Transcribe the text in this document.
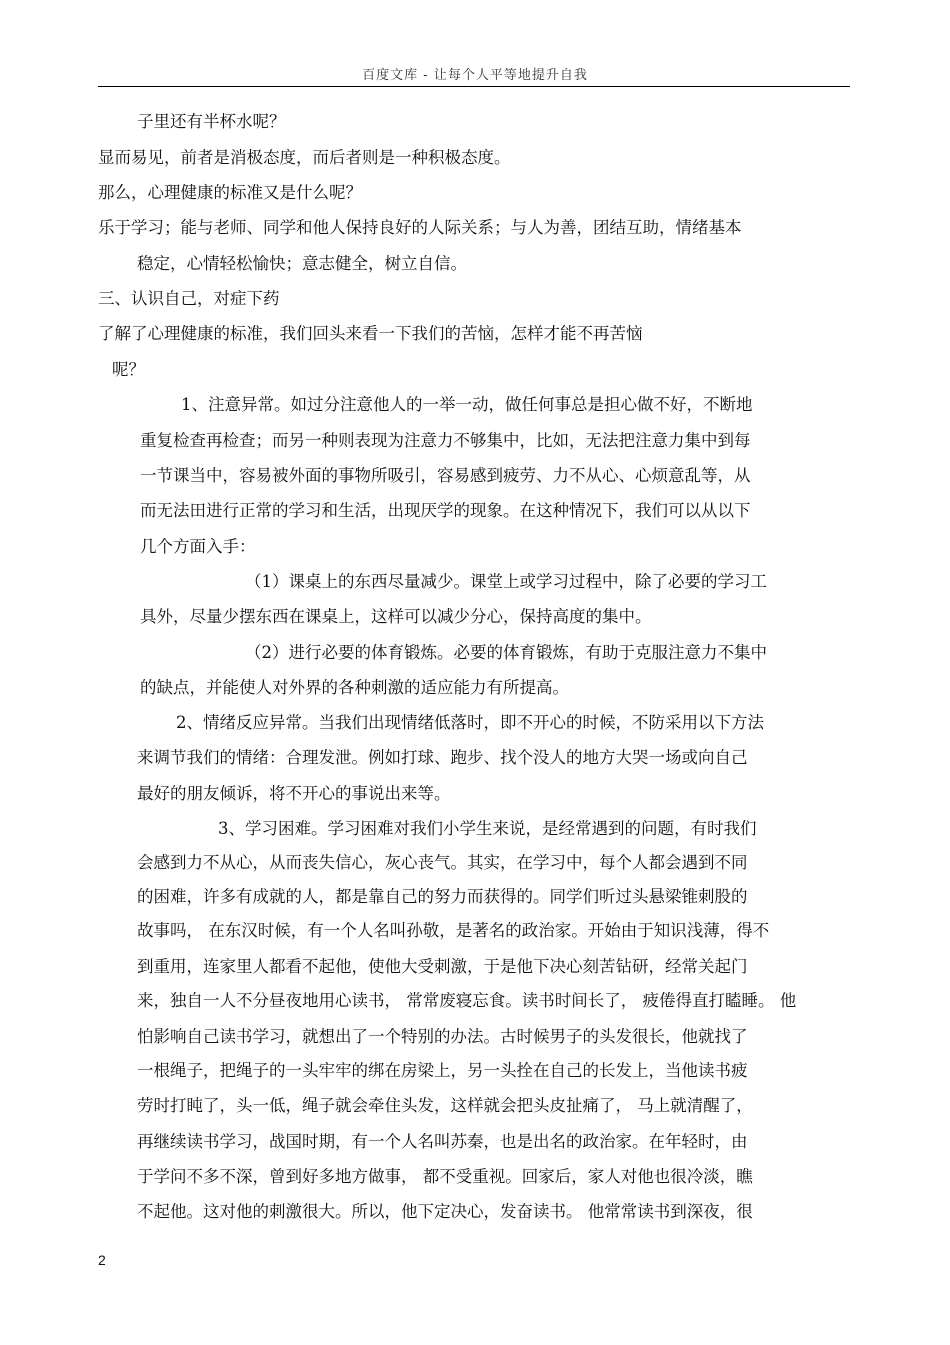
百度文库 - 让每个人平等地提升自我
子里还有半杯水呢？
显而易见，前者是消极态度，而后者则是一种积极态度。
那么，心理健康的标准又是什么呢？
乐于学习；能与老师、同学和他人保持良好的人际关系；与人为善，团结互助，情绪基本
稳定，心情轻松愉快；意志健全，树立自信。
三、认识自己，对症下药
了解了心理健康的标准，我们回头来看一下我们的苦恼，怎样才能不再苦恼
呢？
1、注意异常。如过分注意他人的一举一动，做任何事总是担心做不好，不断地
重复检查再检查；而另一种则表现为注意力不够集中，比如，无法把注意力集中到每
一节课当中，容易被外面的事物所吸引，容易感到疲劳、力不从心、心烦意乱等，从
而无法田进行正常的学习和生活，出现厌学的现象。在这种情况下，我们可以从以下
几个方面入手：
（1）课桌上的东西尽量减少。课堂上或学习过程中，除了必要的学习工
具外，尽量少摆东西在课桌上，这样可以减少分心，保持高度的集中。
（2）进行必要的体育锻炼。必要的体育锻炼，有助于克服注意力不集中
的缺点，并能使人对外界的各种刺激的适应能力有所提高。
2、情绪反应异常。当我们出现情绪低落时，即不开心的时候，不防采用以下方法
来调节我们的情绪：合理发泄。例如打球、跑步、找个没人的地方大哭一场或向自己
最好的朋友倾诉，将不开心的事说出来等。
3、学习困难。学习困难对我们小学生来说，是经常遇到的问题，有时我们
会感到力不从心，从而丧失信心，灰心丧气。其实，在学习中，每个人都会遇到不同
的困难，许多有成就的人，都是靠自己的努力而获得的。同学们听过头悬梁锥刺股的
故事吗， 在东汉时候，有一个人名叫孙敬，是著名的政治家。开始由于知识浅薄，得不
到重用，连家里人都看不起他，使他大受刺激，于是他下决心刻苦钻研，经常关起门
来，独自一人不分昼夜地用心读书， 常常废寝忘食。读书时间长了， 疲倦得直打瞌睡。 他
怕影响自己读书学习，就想出了一个特别的办法。古时候男子的头发很长，他就找了
一根绳子，把绳子的一头牢牢的绑在房梁上，另一头拴在自己的长发上，当他读书疲
劳时打盹了，头一低，绳子就会牵住头发，这样就会把头皮扯痛了， 马上就清醒了，
再继续读书学习，战国时期，有一个人名叫苏秦，也是出名的政治家。在年轻时，由
于学问不多不深，曾到好多地方做事， 都不受重视。回家后，家人对他也很冷淡，瞧
不起他。这对他的刺激很大。所以，他下定决心，发奋读书。 他常常读书到深夜，很
2
